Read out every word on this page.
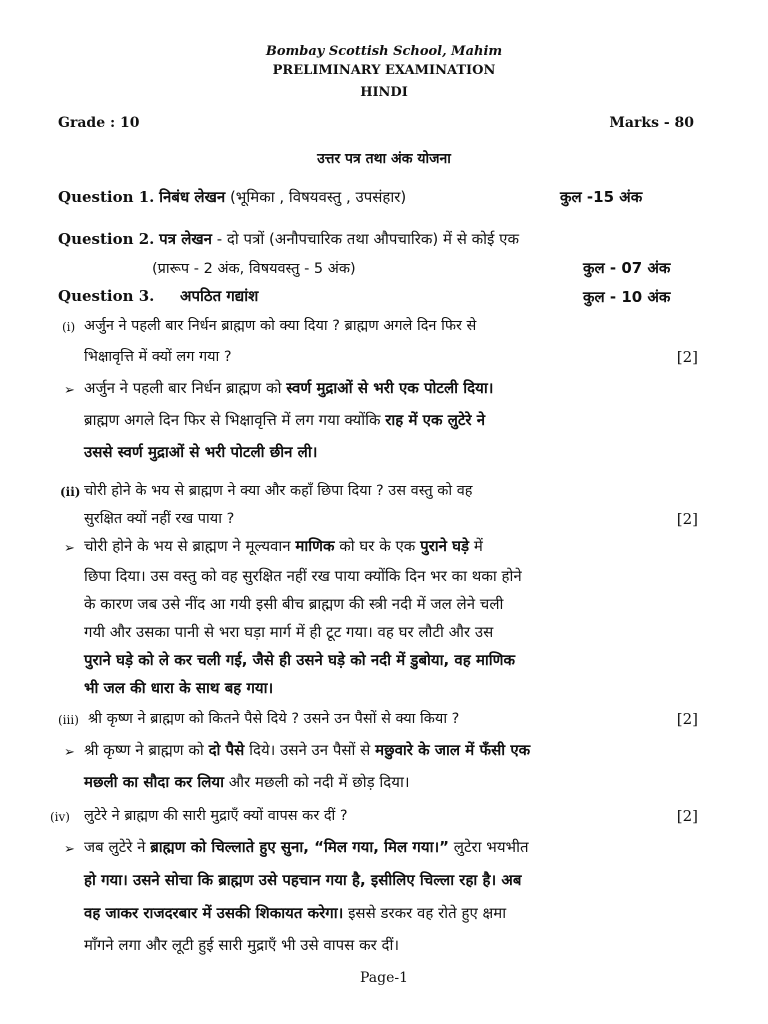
Bombay Scottish School, Mahim
PRELIMINARY EXAMINATION
HINDI
Grade : 10	Marks - 80
उत्तर पत्र तथा अंक योजना
Question 1. निबंध लेखन (भूमिका , विषयवस्तु , उपसंहार)	कुल -15 अंक
Question 2. पत्र लेखन - दो पत्रों (अनौपचारिक तथा औपचारिक) में से कोई एक
(प्रारूप - 2 अंक, विषयवस्तु - 5 अंक)	कुल - 07 अंक
Question 3. अपठित गद्यांश	कुल - 10 अंक
(i) अर्जुन ने पहली बार निर्धन ब्राह्मण को क्या दिया ? ब्राह्मण अगले दिन फिर से
भिक्षावृत्ति में क्यों लग गया ?	[2]
➢ अर्जुन ने पहली बार निर्धन ब्राह्मण को स्वर्ण मुद्राओं से भरी एक पोटली दिया।
ब्राह्मण अगले दिन फिर से भिक्षावृत्ति में लग गया क्योंकि राह में एक लुटेरे ने
उससे स्वर्ण मुद्राओं से भरी पोटली छीन ली।
(ii) चोरी होने के भय से ब्राह्मण ने क्या और कहाँ छिपा दिया ? उस वस्तु को वह
सुरक्षित क्यों नहीं रख पाया ?	[2]
➢ चोरी होने के भय से ब्राह्मण ने मूल्यवान माणिक को घर के एक पुराने घड़े में
छिपा दिया। उस वस्तु को वह सुरक्षित नहीं रख पाया क्योंकि दिन भर का थका होने
के कारण जब उसे नींद आ गयी इसी बीच ब्राह्मण की स्त्री नदी में जल लेने चली
गयी और उसका पानी से भरा घड़ा मार्ग में ही टूट गया। वह घर लौटी और उस
पुराने घड़े को ले कर चली गई, जैसे ही उसने घड़े को नदी में डुबोया, वह माणिक
भी जल की धारा के साथ बह गया।
(iii) श्री कृष्ण ने ब्राह्मण को कितने पैसे दिये ? उसने उन पैसों से क्या किया ?	[2]
➢ श्री कृष्ण ने ब्राह्मण को दो पैसे दिये। उसने उन पैसों से मछुवारे के जाल में फँसी एक
मछली का सौदा कर लिया और मछली को नदी में छोड़ दिया।
(iv) लुटेरे ने ब्राह्मण की सारी मुद्राएँ क्यों वापस कर दीं ?	[2]
➢ जब लुटेरे ने ब्राह्मण को चिल्लाते हुए सुना, “मिल गया, मिल गया।” लुटेरा भयभीत
हो गया। उसने सोचा कि ब्राह्मण उसे पहचान गया है, इसीलिए चिल्ला रहा है। अब
वह जाकर राजदरबार में उसकी शिकायत करेगा। इससे डरकर वह रोते हुए क्षमा
माँगने लगा और लूटी हुई सारी मुद्राएँ भी उसे वापस कर दीं।
Page-1
